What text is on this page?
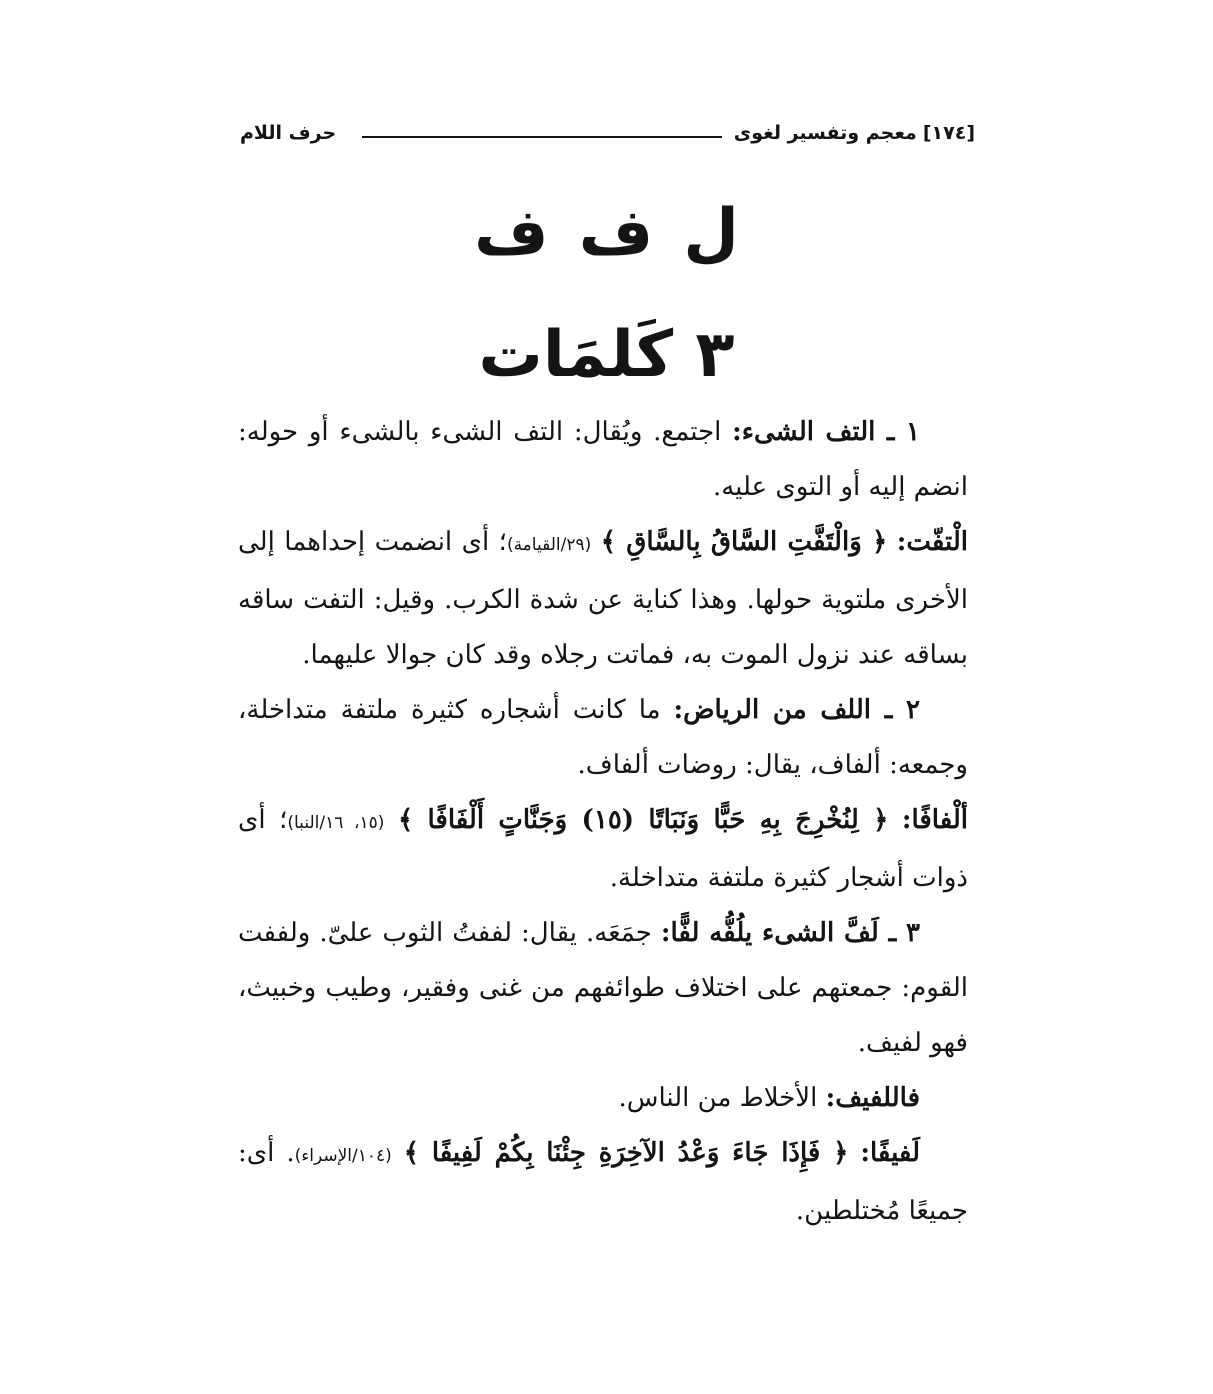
[١٧٤]
معجم وتفسير لغوى
حرف اللام
ل ف ف
٣ كَلمَات

١ ـ التف الشىء: اجتمع. ويُقال: التف الشىء بالشىء أو حوله: انضم إليه أو التوى عليه.

الْتفّت: ﴿ وَالْتَفَّتِ السَّاقُ بِالسَّاقِ ﴾ (٢٩/القيامة)؛ أى انضمت إحداهما إلى الأخرى ملتوية حولها. وهذا كناية عن شدة الكرب. وقيل: التفت ساقه بساقه عند نزول الموت به، فماتت رجلاه وقد كان جوالا عليهما.

٢ ـ اللف من الرياض: ما كانت أشجاره كثيرة ملتفة متداخلة، وجمعه: ألفاف، يقال: روضات ألفاف.

ألْفافًا: ﴿ لِنُخْرِجَ بِهِ حَبًّا وَنَبَاتًا (١٥) وَجَنَّاتٍ أَلْفَافًا ﴾ (١٥، ١٦/النبا)؛ أى ذوات أشجار كثيرة ملتفة متداخلة.

٣ ـ لَفَّ الشىء يلُفُّه لفًّا: جمَعَه. يقال: لففتُ الثوب علىّ. ولففت القوم: جمعتهم على اختلاف طوائفهم من غنى وفقير، وطيب وخبيث، فهو لفيف.

فاللفيف: الأخلاط من الناس.

لَفيفًا: ﴿ فَإِذَا جَاءَ وَعْدُ الآخِرَةِ جِئْنَا بِكُمْ لَفِيفًا ﴾ (١٠٤/الإسراء). أى: جميعًا مُختلطين.
